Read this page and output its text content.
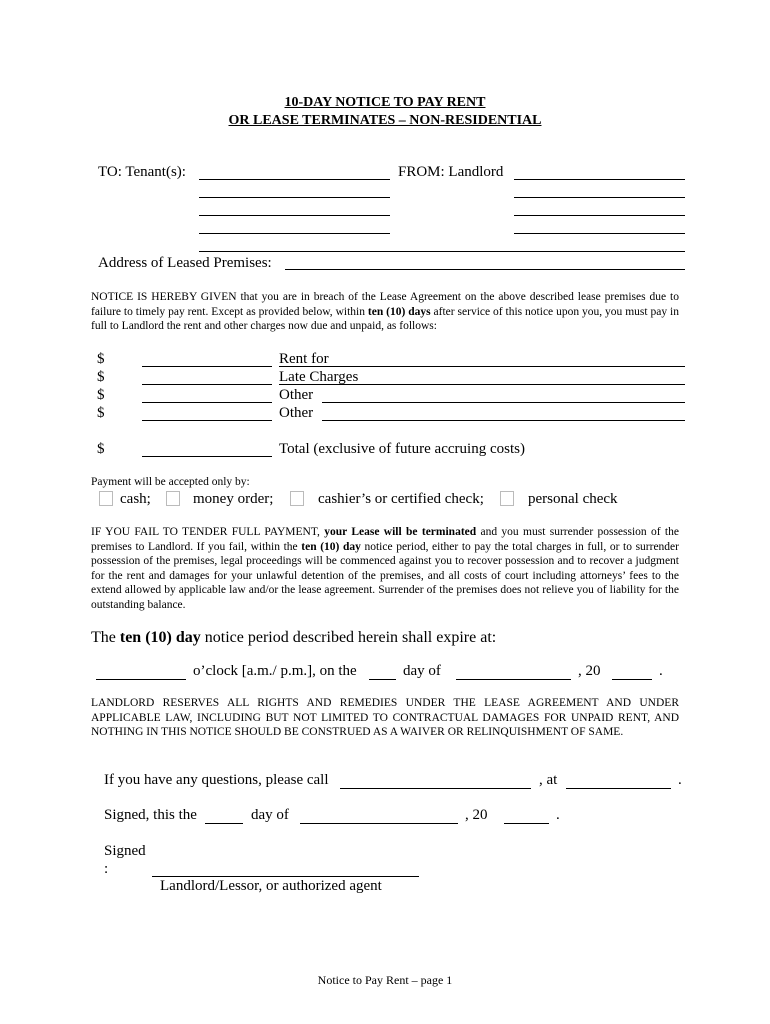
10-DAY NOTICE TO PAY RENT
OR LEASE TERMINATES – NON-RESIDENTIAL
TO: Tenant(s):	FROM: Landlord
Address of Leased Premises:
NOTICE IS HEREBY GIVEN that you are in breach of the Lease Agreement on the above described lease premises due to failure to timely pay rent. Except as provided below, within ten (10) days after service of this notice upon you, you must pay in full to Landlord the rent and other charges now due and unpaid, as follows:
$	Rent for
$	Late Charges
$	Other
$	Other
$	Total (exclusive of future accruing costs)
Payment will be accepted only by:
cash;	money order;	cashier’s or certified check;	personal check
IF YOU FAIL TO TENDER FULL PAYMENT, your Lease will be terminated and you must surrender possession of the premises to Landlord. If you fail, within the ten (10) day notice period, either to pay the total charges in full, or to surrender possession of the premises, legal proceedings will be commenced against you to recover possession and to recover a judgment for the rent and damages for your unlawful detention of the premises, and all costs of court including attorneys’ fees to the extend allowed by applicable law and/or the lease agreement. Surrender of the premises does not relieve you of liability for the outstanding balance.
The ten (10) day notice period described herein shall expire at:
o’clock [a.m./ p.m.], on the	day of	, 20	.
LANDLORD RESERVES ALL RIGHTS AND REMEDIES UNDER THE LEASE AGREEMENT AND UNDER APPLICABLE LAW, INCLUDING BUT NOT LIMITED TO CONTRACTUAL DAMAGES FOR UNPAID RENT, AND NOTHING IN THIS NOTICE SHOULD BE CONSTRUED AS A WAIVER OR RELINQUISHMENT OF SAME.
If you have any questions, please call	, at	.
Signed, this the	day of	, 20	.
Signed
:
Landlord/Lessor, or authorized agent
Notice to Pay Rent – page 1
